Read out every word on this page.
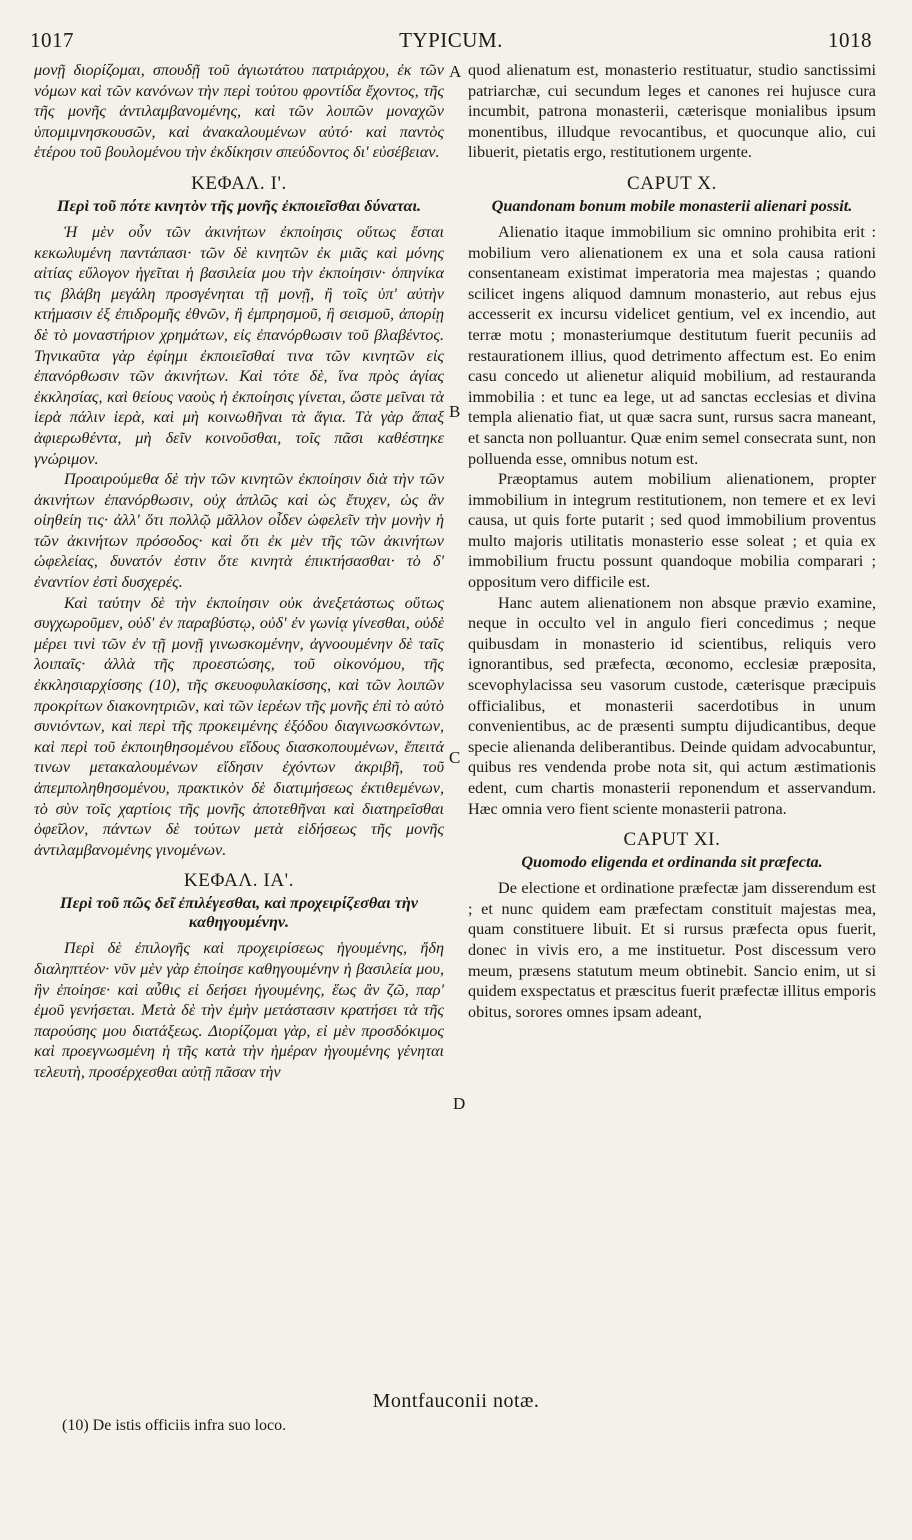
1017	TYPICUM.	1018

μονῇ διορίζομαι, σπουδῇ τοῦ ἁγιωτάτου πατριάρχου, ἐκ τῶν νόμων καὶ τῶν κανόνων τὴν περὶ τούτου φροντίδα ἔχοντος, τῆς τῆς μονῆς ἀντιλαμβανομένης, καὶ τῶν λοιπῶν μοναχῶν ὑπομιμνησκουσῶν, καὶ ἀνακαλουμένων αὐτό· καὶ παντὸς ἑτέρου τοῦ βουλομένου τὴν ἐκδίκησιν σπεύδοντος δι' εὐσέβειαν.

ΚΕΦΑΛ. Ι'.
Περὶ τοῦ πότε κινητὸν τῆς μονῆς ἐκποιεῖσθαι δύναται.

Ἡ μὲν οὖν τῶν ἀκινήτων ἐκποίησις οὕτως ἔσται κεκωλυμένη παντάπασι· τῶν δὲ κινητῶν ἐκ μιᾶς καὶ μόνης αἰτίας εὔλογον ἡγεῖται ἡ βασιλεία μου τὴν ἐκποίησιν· ὁπηνίκα τις βλάβη μεγάλη προσγένηται τῇ μονῇ, ἢ τοῖς ὑπ' αὐτὴν κτήμασιν ἐξ ἐπιδρομῆς ἐθνῶν, ἢ ἐμπρησμοῦ, ἢ σεισμοῦ, ἀπορίῃ δὲ τὸ μοναστήριον χρημάτων, εἰς ἐπανόρθωσιν τοῦ βλαβέντος. Τηνικαῦτα γὰρ ἐφίημι ἐκποιεῖσθαί τινα τῶν κινητῶν εἰς ἐπανόρθωσιν τῶν ἀκινήτων. Καὶ τότε δὲ, ἵνα πρὸς ἁγίας ἐκκλησίας, καὶ θείους ναοὺς ἡ ἐκποίησις γίνεται, ὥστε μεῖναι τὰ ἱερὰ πάλιν ἱερὰ, καὶ μὴ κοινωθῆναι τὰ ἅγια. Τὰ γὰρ ἅπαξ ἀφιερωθέντα, μὴ δεῖν κοινοῦσθαι, τοῖς πᾶσι καθέστηκε γνώριμον.

Προαιρούμεθα δὲ τὴν τῶν κινητῶν ἐκποίησιν διὰ τὴν τῶν ἀκινήτων ἐπανόρθωσιν, οὐχ ἁπλῶς καὶ ὡς ἔτυχεν, ὡς ἂν οἰηθείη τις· ἀλλ' ὅτι πολλῷ μᾶλλον οἶδεν ὠφελεῖν τὴν μονὴν ἡ τῶν ἀκινήτων πρόσοδος· καὶ ὅτι ἐκ μὲν τῆς τῶν ἀκινήτων ὠφελείας, δυνατόν ἐστιν ὅτε κινητὰ ἐπικτήσασθαι· τὸ δ' ἐναντίον ἐστὶ δυσχερές.

Καὶ ταύτην δὲ τὴν ἐκποίησιν οὐκ ἀνεξετάστως οὕτως συγχωροῦμεν, οὐδ' ἐν παραβύστῳ, οὐδ' ἐν γωνίᾳ γίνεσθαι, οὐδὲ μέρει τινὶ τῶν ἐν τῇ μονῇ γινωσκομένην, ἀγνοουμένην δὲ ταῖς λοιπαῖς· ἀλλὰ τῆς προεστώσης, τοῦ οἰκονόμου, τῆς ἐκκλησιαρχίσσης (10), τῆς σκευοφυλακίσσης, καὶ τῶν λοιπῶν προκρίτων διακονητριῶν, καὶ τῶν ἱερέων τῆς μονῆς ἐπὶ τὸ αὐτὸ συνιόντων, καὶ περὶ τῆς προκειμένης ἐξόδου διαγινωσκόντων, καὶ περὶ τοῦ ἐκποιηθησομένου εἴδους διασκοπουμένων, ἔπειτά τινων μετακαλουμένων εἴδησιν ἐχόντων ἀκριβῆ, τοῦ ἀπεμποληθησομένου, πρακτικὸν δὲ διατιμήσεως ἐκτιθεμένων, τὸ σὺν τοῖς χαρτίοις τῆς μονῆς ἀποτεθῆναι καὶ διατηρεῖσθαι ὀφεῖλον, πάντων δὲ τούτων μετὰ εἰδήσεως τῆς μονῆς ἀντιλαμβανομένης γινομένων.

ΚΕΦΑΛ. ΙΑ'.
Περὶ τοῦ πῶς δεῖ ἐπιλέγεσθαι, καὶ προχειρίζεσθαι τὴν καθηγουμένην.

Περὶ δὲ ἐπιλογῆς καὶ προχειρίσεως ἡγουμένης, ἤδη διαληπτέον· νῦν μὲν γὰρ ἐποίησε καθηγουμένην ἡ βασιλεία μου, ἣν ἐποίησε· καὶ αὖθις εἰ δεήσει ἡγουμένης, ἕως ἂν ζῶ, παρ' ἐμοῦ γενήσεται. Μετὰ δὲ τὴν ἐμὴν μετάστασιν κρατήσει τὰ τῆς παρούσης μου διατάξεως. Διορίζομαι γὰρ, εἰ μὲν προσδόκιμος καὶ προεγνωσμένη ἡ τῆς κατὰ τὴν ἡμέραν ἡγουμένης γένηται τελευτὴ, προσέρχεσθαι αὐτῇ πᾶσαν τὴν

quod alienatum est, monasterio restituatur, studio sanctissimi patriarchæ, cui secundum leges et canones rei hujusce cura incumbit, patrona monasterii, cæterisque monialibus ipsum monentibus, illudque revocantibus, et quocunque alio, cui libuerit, pietatis ergo, restitutionem urgente.

CAPUT X.
Quandonam bonum mobile monasterii alienari possit.

Alienatio itaque immobilium sic omnino prohibita erit : mobilium vero alienationem ex una et sola causa rationi consentaneam existimat imperatoria mea majestas ; quando scilicet ingens aliquod damnum monasterio, aut rebus ejus accesserit ex incursu videlicet gentium, vel ex incendio, aut terræ motu ; monasteriumque destitutum fuerit pecuniis ad restaurationem illius, quod detrimento affectum est. Eo enim casu concedo ut alienetur aliquid mobilium, ad restauranda immobilia : et tunc ea lege, ut ad sanctas ecclesias et divina templa alienatio fiat, ut quæ sacra sunt, rursus sacra maneant, et sancta non polluantur. Quæ enim semel consecrata sunt, non polluenda esse, omnibus notum est.

Præoptamus autem mobilium alienationem, propter immobilium in integrum restitutionem, non temere et ex levi causa, ut quis forte putarit ; sed quod immobilium proventus multo majoris utilitatis monasterio esse soleat ; et quia ex immobilium fructu possunt quandoque mobilia comparari ; oppositum vero difficile est.

Hanc autem alienationem non absque prævio examine, neque in occulto vel in angulo fieri concedimus ; neque quibusdam in monasterio id scientibus, reliquis vero ignorantibus, sed præfecta, œconomo, ecclesiæ præposita, scevophylacissa seu vasorum custode, cæterisque præcipuis officialibus, et monasterii sacerdotibus in unum convenientibus, ac de præsenti sumptu dijudicantibus, deque specie alienanda deliberantibus. Deinde quidam advocabuntur, quibus res vendenda probe nota sit, qui actum æstimationis edent, cum chartis monasterii reponendum et asservandum. Hæc omnia vero fient sciente monasterii patrona.

CAPUT XI.
Quomodo eligenda et ordinanda sit præfecta.

De electione et ordinatione præfectæ jam disserendum est ; et nunc quidem eam præfectam constituit majestas mea, quam constituere libuit. Et si rursus præfecta opus fuerit, donec in vivis ero, a me instituetur. Post discessum vero meum, præsens statutum meum obtinebit. Sancio enim, ut si quidem exspectatus et præscitus fuerit præfectæ illitus emporis obitus, sorores omnes ipsam adeant,

A
B
C
D
Montfauconii notæ.
(10) De istis officiis infra suo loco.
